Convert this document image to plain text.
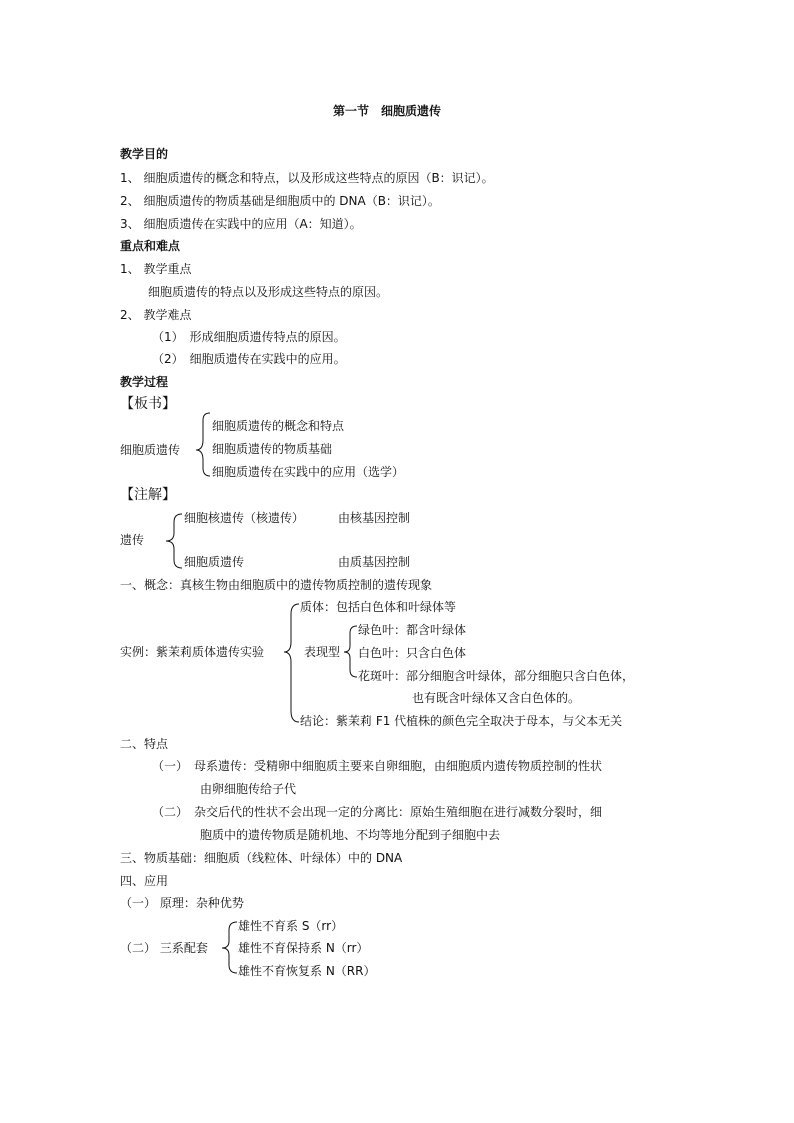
第一节　细胞质遗传
教学目的
1、 细胞质遗传的概念和特点，以及形成这些特点的原因（B：识记）。
2、 细胞质遗传的物质基础是细胞质中的 DNA（B：识记）。
3、 细胞质遗传在实践中的应用（A：知道）。
重点和难点
1、 教学重点
细胞质遗传的特点以及形成这些特点的原因。
2、 教学难点
（1）　形成细胞质遗传特点的原因。
（2）　细胞质遗传在实践中的应用。
教学过程
【板书】
细胞质遗传
细胞质遗传的概念和特点
细胞质遗传的物质基础
细胞质遗传在实践中的应用（选学）
【注解】
遗传
细胞核遗传（核遗传）	由核基因控制
细胞质遗传	由质基因控制
一、概念：真核生物由细胞质中的遗传物质控制的遗传现象
实例：紫茉莉质体遗传实验
质体：包括白色体和叶绿体等
表现型
绿色叶：都含叶绿体
白色叶：只含白色体
花斑叶：部分细胞含叶绿体，部分细胞只含白色体，
也有既含叶绿体又含白色体的。
结论：紫茉莉 F1 代植株的颜色完全取决于母本，与父本无关
二、特点
（一）　母系遗传：受精卵中细胞质主要来自卵细胞，由细胞质内遗传物质控制的性状
由卵细胞传给子代
（二）　杂交后代的性状不会出现一定的分离比：原始生殖细胞在进行减数分裂时，细
胞质中的遗传物质是随机地、不均等地分配到子细胞中去
三、物质基础：细胞质（线粒体、叶绿体）中的 DNA
四、应用
（一） 原理：杂种优势
（二） 三系配套
雄性不育系 S（rr）
雄性不育保持系 N（rr）
雄性不育恢复系 N（RR）
